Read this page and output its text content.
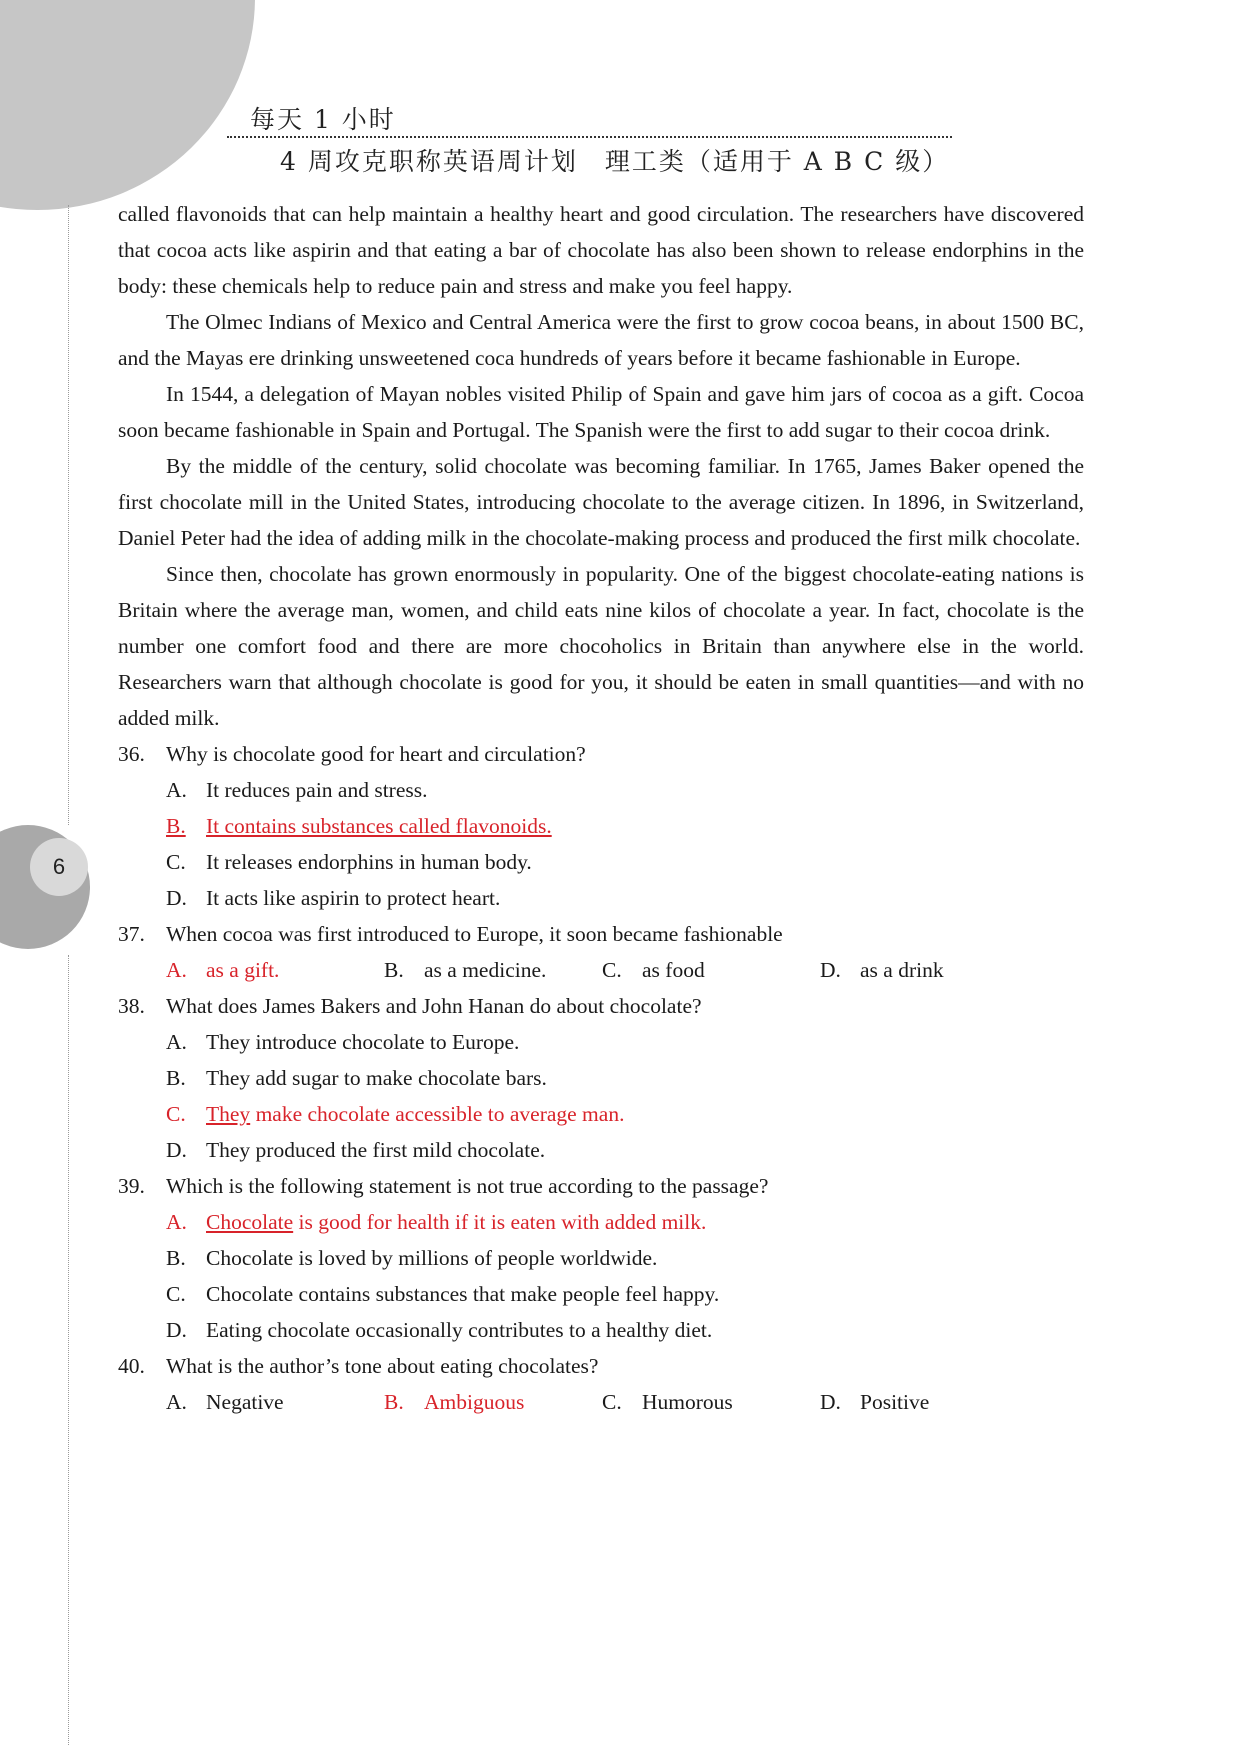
每天 1 小时
4 周攻克职称英语周计划　理工类（适用于 A B C 级）
6

called flavonoids that can help maintain a healthy heart and good circulation. The researchers have discovered that cocoa acts like aspirin and that eating a bar of chocolate has also been shown to release endorphins in the body: these chemicals help to reduce pain and stress and make you feel happy.

The Olmec Indians of Mexico and Central America were the first to grow cocoa beans, in about 1500 BC, and the Mayas ere drinking unsweetened coca hundreds of years before it became fashionable in Europe.

In 1544, a delegation of Mayan nobles visited Philip of Spain and gave him jars of cocoa as a gift. Cocoa soon became fashionable in Spain and Portugal. The Spanish were the first to add sugar to their cocoa drink.

By the middle of the century, solid chocolate was becoming familiar. In 1765, James Baker opened the first chocolate mill in the United States, introducing chocolate to the average citizen. In 1896, in Switzerland, Daniel Peter had the idea of adding milk in the chocolate-making process and produced the first milk chocolate.

Since then, chocolate has grown enormously in popularity. One of the biggest chocolate-eating nations is Britain where the average man, women, and child eats nine kilos of chocolate a year. In fact, chocolate is the number one comfort food and there are more chocoholics in Britain than anywhere else in the world. Researchers warn that although chocolate is good for you, it should be eaten in small quantities—and with no added milk.

36. Why is chocolate good for heart and circulation?
A. It reduces pain and stress.
B. It contains substances called flavonoids.
C. It releases endorphins in human body.
D. It acts like aspirin to protect heart.
37. When cocoa was first introduced to Europe, it soon became fashionable
A. as a gift.	B. as a medicine.	C. as food	D. as a drink
38. What does James Bakers and John Hanan do about chocolate?
A. They introduce chocolate to Europe.
B. They add sugar to make chocolate bars.
C. They make chocolate accessible to average man.
D. They produced the first mild chocolate.
39. Which is the following statement is not true according to the passage?
A. Chocolate is good for health if it is eaten with added milk.
B. Chocolate is loved by millions of people worldwide.
C. Chocolate contains substances that make people feel happy.
D. Eating chocolate occasionally contributes to a healthy diet.
40. What is the author’s tone about eating chocolates?
A. Negative	B. Ambiguous	C. Humorous	D. Positive
